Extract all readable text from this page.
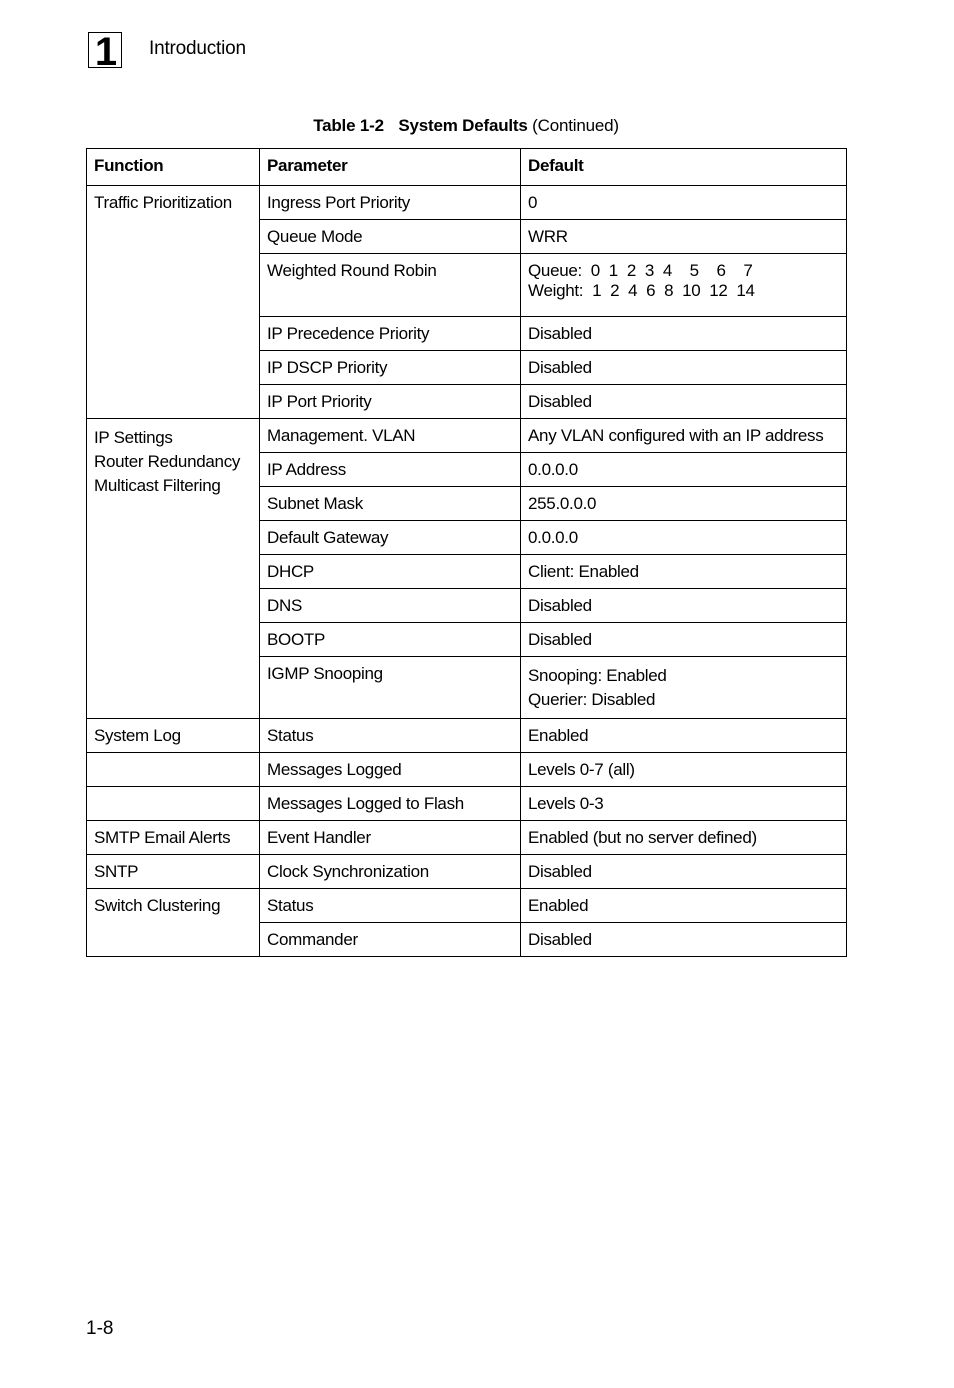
1 Introduction
Table 1-2 System Defaults (Continued)
Function	Parameter	Default
Traffic Prioritization	Ingress Port Priority	0
	Queue Mode	WRR
	Weighted Round Robin	Queue:  0  1  2  3  4    5    6    7
Weight:  1  2  4  6  8  10  12  14
	IP Precedence Priority	Disabled
	IP DSCP Priority	Disabled
	IP Port Priority	Disabled

IP Settings
Router Redundancy
Multicast Filtering	Management. VLAN	Any VLAN configured with an IP address
	IP Address	0.0.0.0
	Subnet Mask	255.0.0.0
	Default Gateway	0.0.0.0
	DHCP	Client: Enabled
	DNS	Disabled
	BOOTP	Disabled
	IGMP Snooping	Snooping: Enabled
Querier: Disabled

System Log	Status	Enabled
	Messages Logged	Levels 0-7 (all)
	Messages Logged to Flash	Levels 0-3
SMTP Email Alerts	Event Handler	Enabled (but no server defined)
SNTP	Clock Synchronization	Disabled
Switch Clustering	Status	Enabled
	Commander	Disabled
1-8
